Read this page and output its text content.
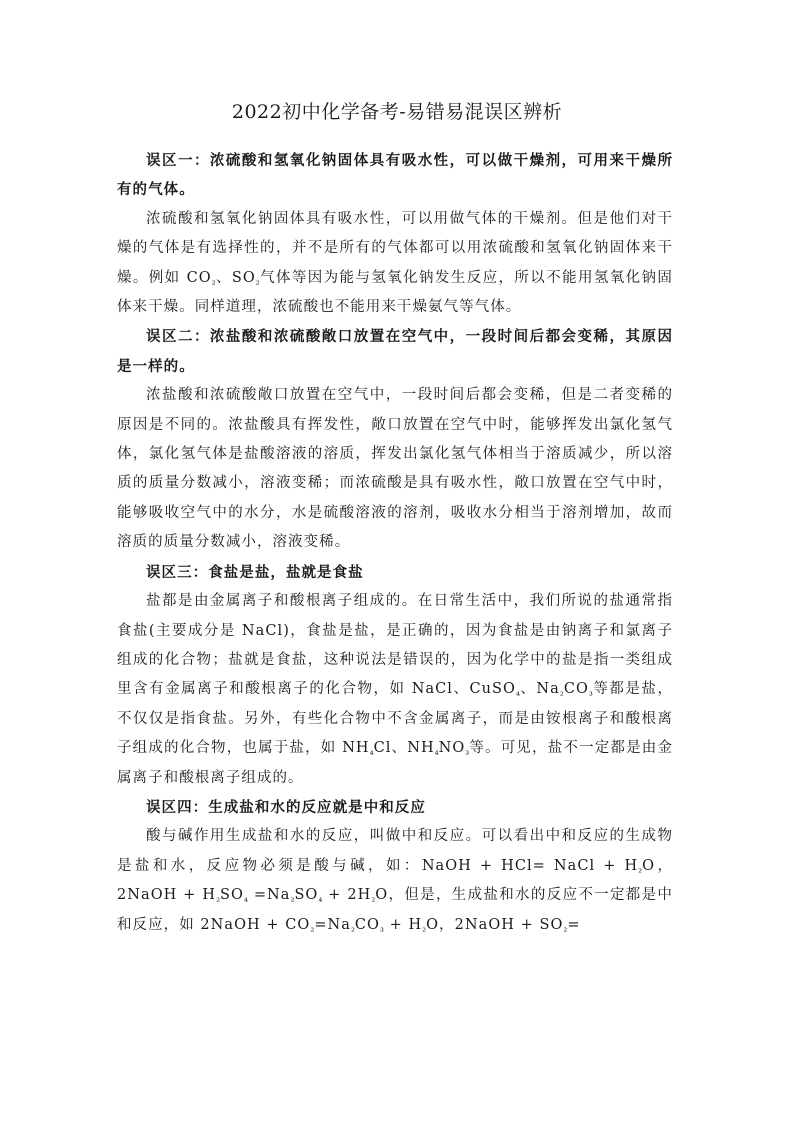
2022初中化学备考-易错易混误区辨析

误区一：浓硫酸和氢氧化钠固体具有吸水性，可以做干燥剂，可用来干燥所有的气体。

浓硫酸和氢氧化钠固体具有吸水性，可以用做气体的干燥剂。但是他们对干燥的气体是有选择性的，并不是所有的气体都可以用浓硫酸和氢氧化钠固体来干燥。例如 $CO_{_2}$、$SO_{_2}$气体等因为能与氢氧化钠发生反应，所以不能用氢氧化钠固体来干燥。同样道理，浓硫酸也不能用来干燥氨气等气体。

误区二：浓盐酸和浓硫酸敞口放置在空气中，一段时间后都会变稀，其原因是一样的。

浓盐酸和浓硫酸敞口放置在空气中，一段时间后都会变稀，但是二者变稀的原因是不同的。浓盐酸具有挥发性，敞口放置在空气中时，能够挥发出氯化氢气体，氯化氢气体是盐酸溶液的溶质，挥发出氯化氢气体相当于溶质减少，所以溶质的质量分数减小，溶液变稀；而浓硫酸是具有吸水性，敞口放置在空气中时，能够吸收空气中的水分，水是硫酸溶液的溶剂，吸收水分相当于溶剂增加，故而溶质的质量分数减小，溶液变稀。

误区三：食盐是盐，盐就是食盐

盐都是由金属离子和酸根离子组成的。在日常生活中，我们所说的盐通常指食盐(主要成分是 NaCl)，食盐是盐，是正确的，因为食盐是由钠离子和氯离子组成的化合物；盐就是食盐，这种说法是错误的，因为化学中的盐是指一类组成里含有金属离子和酸根离子的化合物，如 NaCl、CuSO$_{_4}$、$Na_{_2}CO_{_3}$等都是盐，不仅仅是指食盐。另外，有些化合物中不含金属离子，而是由铵根离子和酸根离子组成的化合物，也属于盐，如 $NH_{_4}Cl$、$NH_{_4}NO_{_3}$等。可见，盐不一定都是由金属离子和酸根离子组成的。

误区四：生成盐和水的反应就是中和反应

酸与碱作用生成盐和水的反应，叫做中和反应。可以看出中和反应的生成物是盐和水，反应物必须是酸与碱，如：NaOH + HCl= NaCl + $H_{_2}O$，2NaOH + $H_{_2}SO_{_4} =Na_{_2}SO_{_4} + 2H_{_2}O$，但是，生成盐和水的反应不一定都是中和反应，如 2NaOH + $CO_{_2}=Na_{_2}CO_{_3} + H_{_2}O$，2NaOH + $SO_{_2}=$
